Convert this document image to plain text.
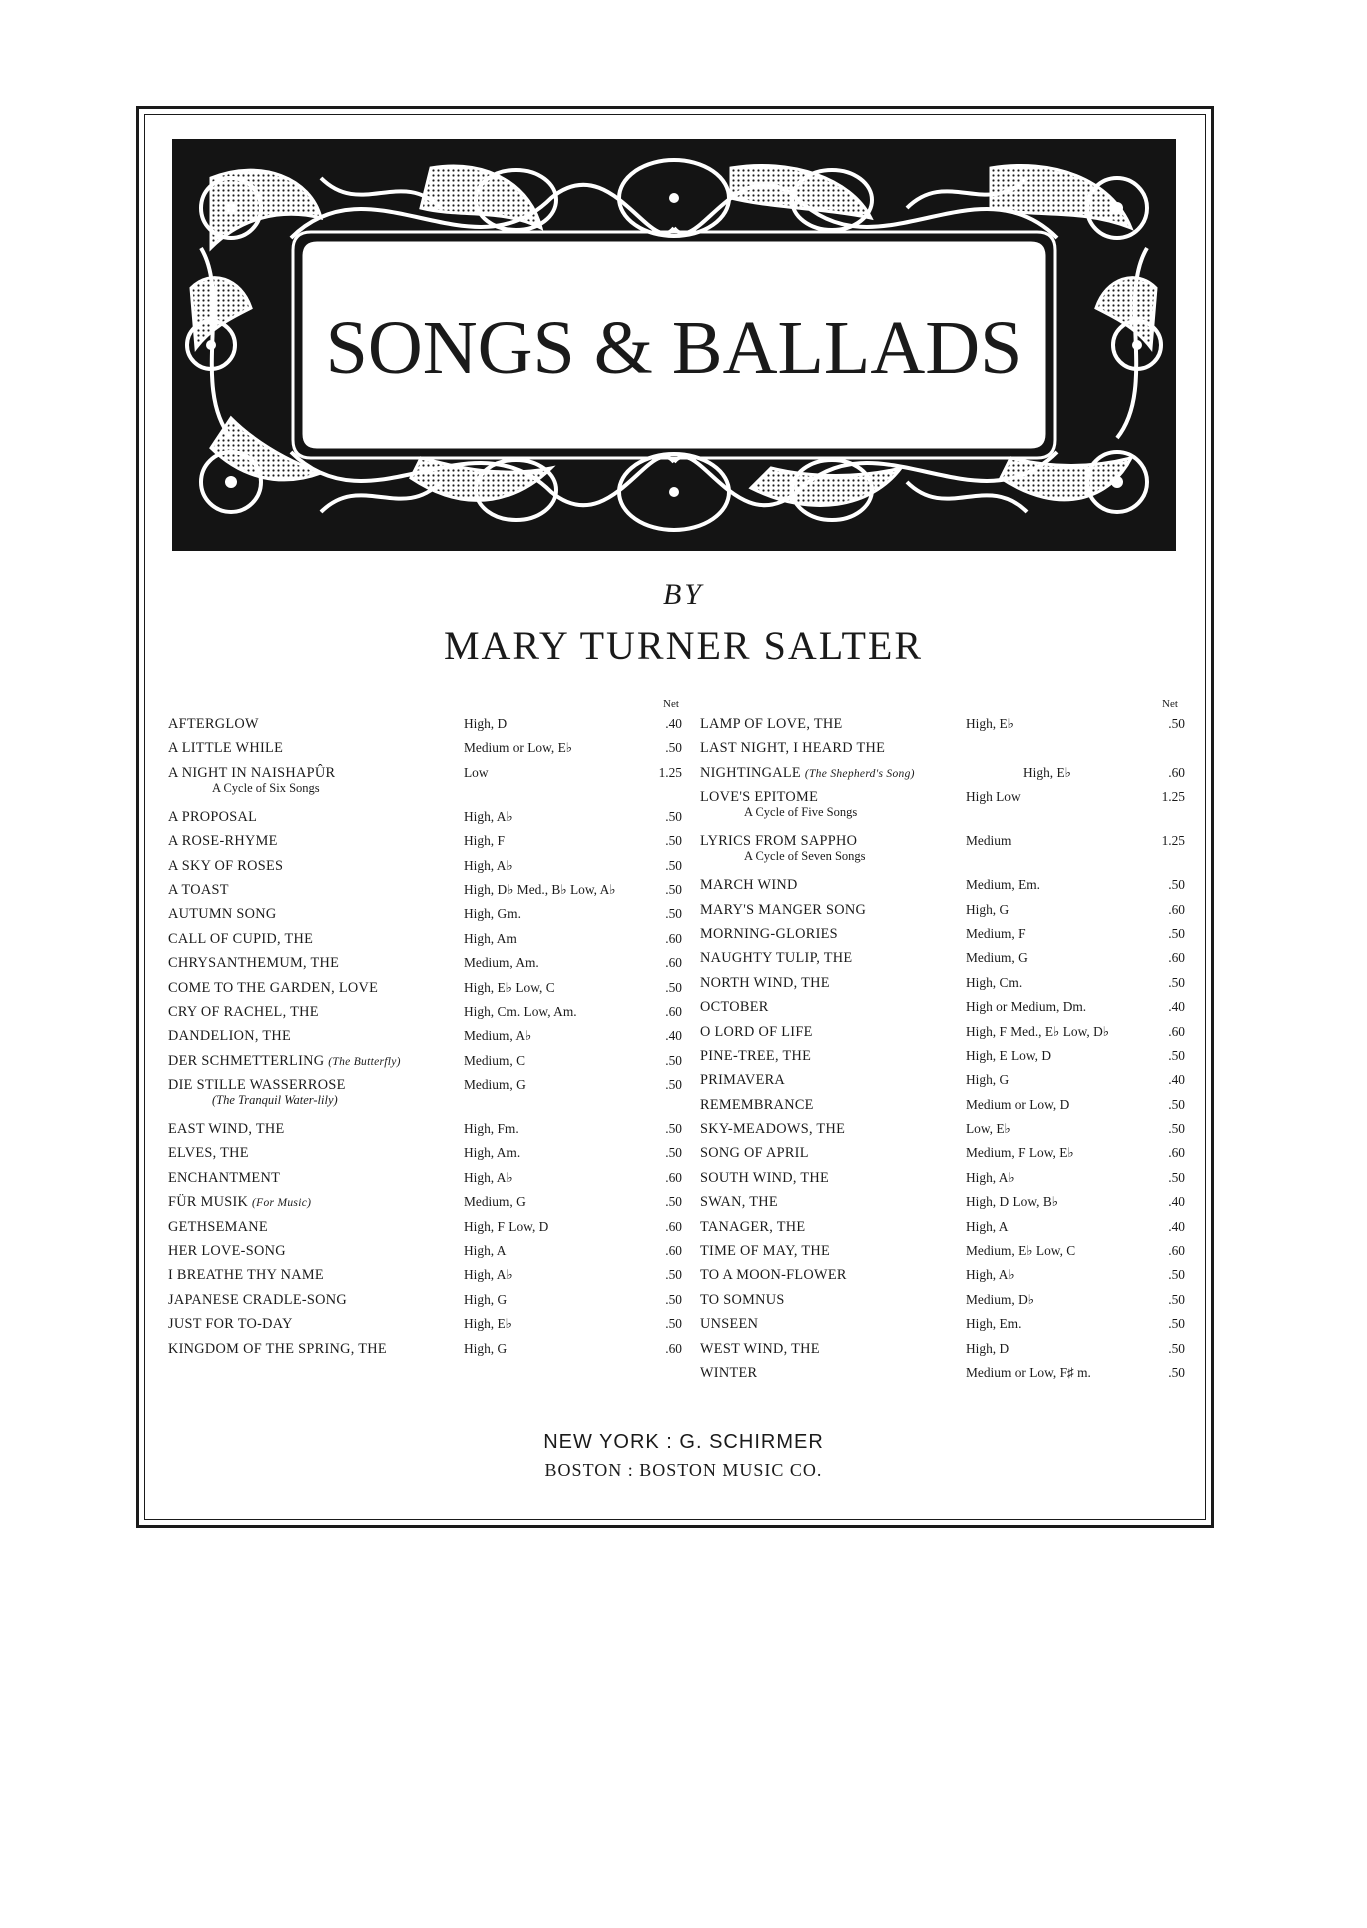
SONGS & BALLADS
BY
MARY TURNER SALTER
Net	Net
AFTERGLOW	High, D	.40
A LITTLE WHILE	Medium or Low, E♭	.50
A NIGHT IN NAISHAPÛR	Low	1.25
A Cycle of Six Songs
A PROPOSAL	High, A♭	.50
A ROSE-RHYME	High, F	.50
A SKY OF ROSES	High, A♭	.50
A TOAST	High, D♭ Med., B♭ Low, A♭	.50
AUTUMN SONG	High, Gm.	.50
CALL OF CUPID, THE	High, Am	.60
CHRYSANTHEMUM, THE	Medium, Am.	.60
COME TO THE GARDEN, LOVE	High, E♭ Low, C	.50
CRY OF RACHEL, THE	High, Cm. Low, Am.	.60
DANDELION, THE	Medium, A♭	.40
DER SCHMETTERLING (The Butterfly)	Medium, C	.50
DIE STILLE WASSERROSE	Medium, G	.50
(The Tranquil Water-lily)
EAST WIND, THE	High, Fm.	.50
ELVES, THE	High, Am.	.50
ENCHANTMENT	High, A♭	.60
FÜR MUSIK (For Music)	Medium, G	.50
GETHSEMANE	High, F Low, D	.60
HER LOVE-SONG	High, A	.60
I BREATHE THY NAME	High, A♭	.50
JAPANESE CRADLE-SONG	High, G	.50
JUST FOR TO-DAY	High, E♭	.50
KINGDOM OF THE SPRING, THE	High, G	.60
LAMP OF LOVE, THE	High, E♭	.50
LAST NIGHT, I HEARD THE
NIGHTINGALE (The Shepherd's Song)	High, E♭	.60
LOVE'S EPITOME	High Low	1.25
A Cycle of Five Songs
LYRICS FROM SAPPHO	Medium	1.25
A Cycle of Seven Songs
MARCH WIND	Medium, Em.	.50
MARY'S MANGER SONG	High, G	.60
MORNING-GLORIES	Medium, F	.50
NAUGHTY TULIP, THE	Medium, G	.60
NORTH WIND, THE	High, Cm.	.50
OCTOBER	High or Medium, Dm.	.40
O LORD OF LIFE	High, F Med., E♭ Low, D♭	.60
PINE-TREE, THE	High, E Low, D	.50
PRIMAVERA	High, G	.40
REMEMBRANCE	Medium or Low, D	.50
SKY-MEADOWS, THE	Low, E♭	.50
SONG OF APRIL	Medium, F Low, E♭	.60
SOUTH WIND, THE	High, A♭	.50
SWAN, THE	High, D Low, B♭	.40
TANAGER, THE	High, A	.40
TIME OF MAY, THE	Medium, E♭ Low, C	.60
TO A MOON-FLOWER	High, A♭	.50
TO SOMNUS	Medium, D♭	.50
UNSEEN	High, Em.	.50
WEST WIND, THE	High, D	.50
WINTER	Medium or Low, F♯ m.	.50
NEW YORK : G. SCHIRMER
BOSTON : BOSTON MUSIC CO.
